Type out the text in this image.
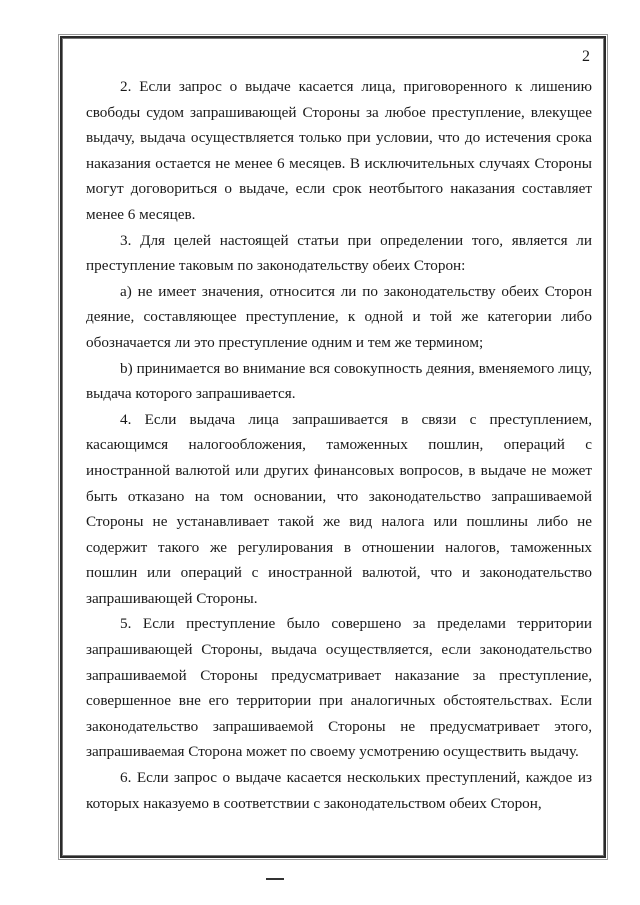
2

2. Если запрос о выдаче касается лица, приговоренного к лишению свободы судом запрашивающей Стороны за любое преступление, влекущее выдачу, выдача осуществляется только при условии, что до истечения срока наказания остается не менее 6 месяцев. В исключительных случаях Стороны могут договориться о выдаче, если срок неотбытого наказания составляет менее 6 месяцев.

3. Для целей настоящей статьи при определении того, является ли преступление таковым по законодательству обеих Сторон:

а) не имеет значения, относится ли по законодательству обеих Сторон деяние, составляющее преступление, к одной и той же категории либо обозначается ли это преступление одним и тем же термином;

b) принимается во внимание вся совокупность деяния, вменяемого лицу, выдача которого запрашивается.

4. Если выдача лица запрашивается в связи с преступлением, касающимся налогообложения, таможенных пошлин, операций с иностранной валютой или других финансовых вопросов, в выдаче не может быть отказано на том основании, что законодательство запрашиваемой Стороны не устанавливает такой же вид налога или пошлины либо не содержит такого же регулирования в отношении налогов, таможенных пошлин или операций с иностранной валютой, что и законодательство запрашивающей Стороны.

5. Если преступление было совершено за пределами территории запрашивающей Стороны, выдача осуществляется, если законодательство запрашиваемой Стороны предусматривает наказание за преступление, совершенное вне его территории при аналогичных обстоятельствах. Если законодательство запрашиваемой Стороны не предусматривает этого, запрашиваемая Сторона может по своему усмотрению осуществить выдачу.

6. Если запрос о выдаче касается нескольких преступлений, каждое из которых наказуемо в соответствии с законодательством обеих Сторон,
